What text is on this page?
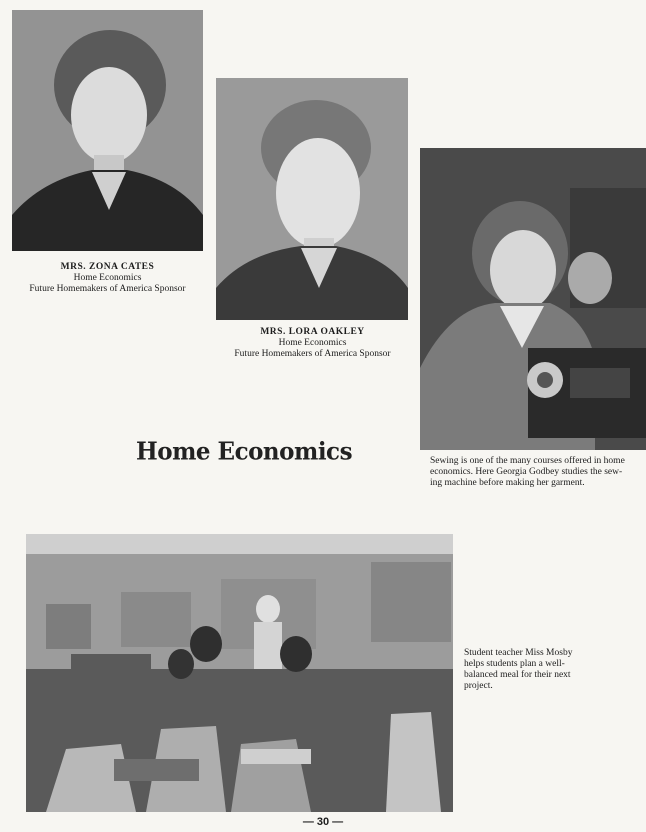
MRS. ZONA CATES
Home Economics
Future Homemakers of America Sponsor
MRS. LORA OAKLEY
Home Economics
Future Homemakers of America Sponsor
Sewing is one of the many courses offered in home
economics. Here Georgia Godbey studies the sew-
ing machine before making her garment.
Home Economics
Student teacher Miss Mosby
helps students plan a well-
balanced meal for their next
project.
— 30 —
